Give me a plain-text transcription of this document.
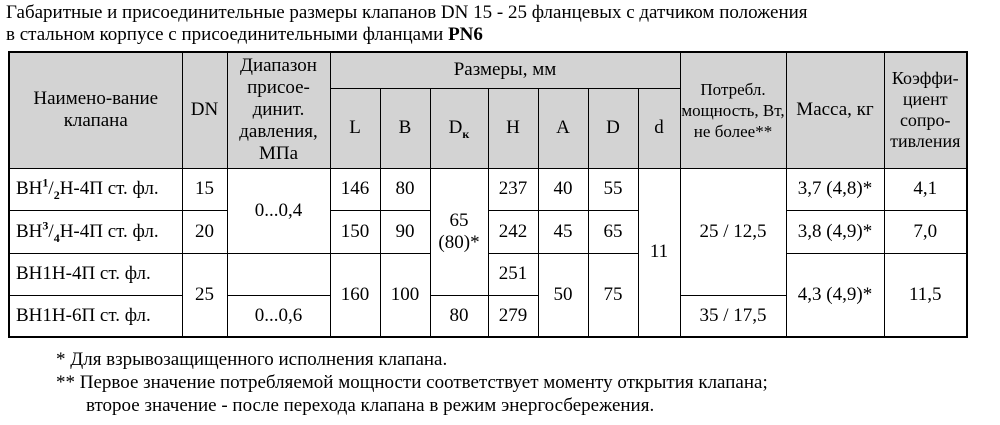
Габаритные и присоединительные размеры клапанов DN 15 - 25 фланцевых с датчиком положения
в стальном корпусе с присоединительными фланцами PN6
Наимено-вание клапана	DN	Диапазон присое-динит. давления, МПа	Размеры, мм							Потребл. мощность, Вт, не более**	Масса, кг	Коэффи-циент сопро-тивления
			L	B	$D_к$	H	A	D	d			
$ВН^1/_2Н-4П$ ст. фл.	15	0...0,4	146	80	65 (80)*	237	40	55	11	25 / 12,5	3,7 (4,8)*	4,1
$ВН^3/_4Н-4П$ ст. фл.	20		150	90		242	45	65			3,8 (4,9)*	7,0
ВН1Н-4П ст. фл.	25		160	100		251	50	75			4,3 (4,9)*	11,5
ВН1Н-6П ст. фл.		0...0,6			80	279				35 / 17,5		
* Для взрывозащищенного исполнения клапана.
** Первое значение потребляемой мощности соответствует моменту открытия клапана;
второе значение - после перехода клапана в режим энергосбережения.
